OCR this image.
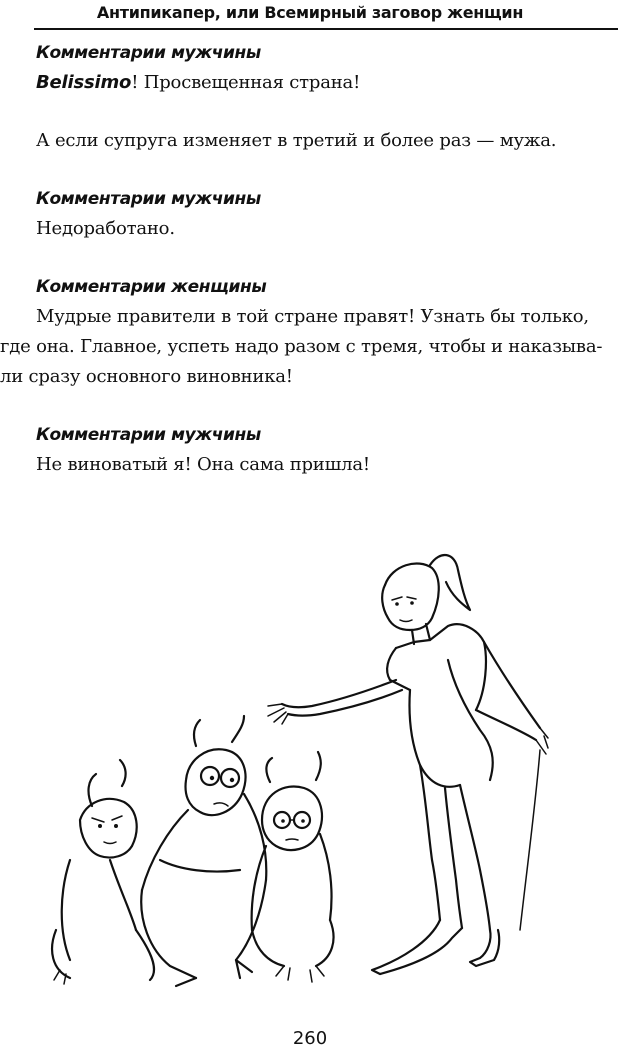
Антипикапер, или Всемирный заговор женщин

Комментарии мужчины

Belissimo! Просвещенная страна!

А если супруга изменяет в третий и более раз — мужа.

Комментарии мужчины

Недоработано.

Комментарии женщины

Мудрые правители в той стране правят! Узнать бы только,

где она. Главное, успеть надо разом с тремя, чтобы и наказыва-

ли сразу основного виновника!

Комментарии мужчины

Не виноватый я! Она сама пришла!

260
